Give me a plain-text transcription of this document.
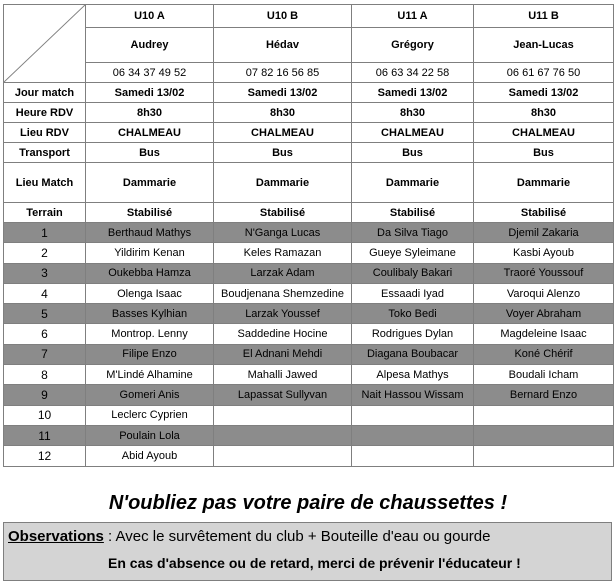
	U10 A	U10 B	U11 A	U11 B
	Audrey	Hédav	Grégory	Jean-Lucas
	06 34 37 49 52	07 82 16 56 85	06 63 34 22 58	06 61 67 76 50
Jour match	Samedi 13/02	Samedi 13/02	Samedi 13/02	Samedi 13/02
Heure RDV	8h30	8h30	8h30	8h30
Lieu RDV	CHALMEAU	CHALMEAU	CHALMEAU	CHALMEAU
Transport	Bus	Bus	Bus	Bus
Lieu Match	Dammarie	Dammarie	Dammarie	Dammarie
Terrain	Stabilisé	Stabilisé	Stabilisé	Stabilisé
1	Berthaud Mathys	N'Ganga Lucas	Da Silva Tiago	Djemil Zakaria
2	Yildirim Kenan	Keles Ramazan	Gueye Syleimane	Kasbi Ayoub
3	Oukebba Hamza	Larzak Adam	Coulibaly Bakari	Traoré Youssouf
4	Olenga Isaac	Boudjenana Shemzedine	Essaadi Iyad	Varoqui Alenzo
5	Basses Kylhian	Larzak Youssef	Toko Bedi	Voyer Abraham
6	Montrop. Lenny	Saddedine Hocine	Rodrigues Dylan	Magdeleine Isaac
7	Filipe Enzo	El Adnani Mehdi	Diagana Boubacar	Koné Chérif
8	M'Lindé Alhamine	Mahalli Jawed	Alpesa Mathys	Boudali Icham
9	Gomeri Anis	Lapassat Sullyvan	Nait Hassou Wissam	Bernard Enzo
10	Leclerc Cyprien			
11	Poulain Lola			
12	Abid Ayoub			
N'oubliez pas votre paire de chaussettes !
Observations : Avec le survêtement du club + Bouteille d'eau ou gourde
En cas d'absence ou de retard, merci de prévenir l'éducateur !
